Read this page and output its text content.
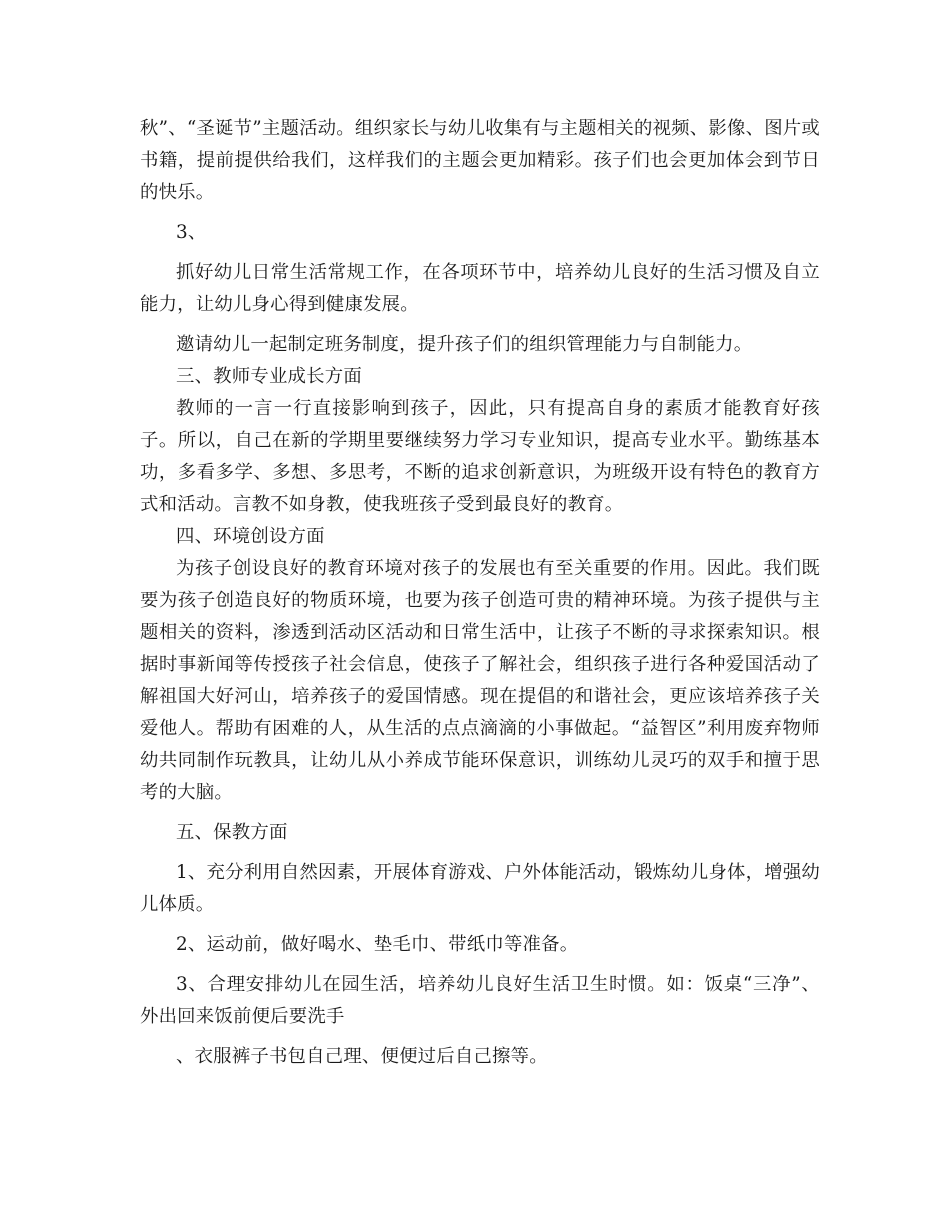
秋”、“圣诞节”主题活动。组织家长与幼儿收集有与主题相关的视频、影像、图片或书籍，提前提供给我们，这样我们的主题会更加精彩。孩子们也会更加体会到节日的快乐。

3、

抓好幼儿日常生活常规工作，在各项环节中，培养幼儿良好的生活习惯及自立能力，让幼儿身心得到健康发展。

邀请幼儿一起制定班务制度，提升孩子们的组织管理能力与自制能力。

三、教师专业成长方面

教师的一言一行直接影响到孩子，因此，只有提高自身的素质才能教育好孩子。所以，自己在新的学期里要继续努力学习专业知识，提高专业水平。勤练基本功，多看多学、多想、多思考，不断的追求创新意识，为班级开设有特色的教育方式和活动。言教不如身教，使我班孩子受到最良好的教育。

四、环境创设方面

为孩子创设良好的教育环境对孩子的发展也有至关重要的作用。因此。我们既要为孩子创造良好的物质环境，也要为孩子创造可贵的精神环境。为孩子提供与主题相关的资料，渗透到活动区活动和日常生活中，让孩子不断的寻求探索知识。根据时事新闻等传授孩子社会信息，使孩子了解社会，组织孩子进行各种爱国活动了解祖国大好河山，培养孩子的爱国情感。现在提倡的和谐社会，更应该培养孩子关爱他人。帮助有困难的人，从生活的点点滴滴的小事做起。“益智区”利用废弃物师幼共同制作玩教具，让幼儿从小养成节能环保意识，训练幼儿灵巧的双手和擅于思考的大脑。

五、保教方面

1、充分利用自然因素，开展体育游戏、户外体能活动，锻炼幼儿身体，增强幼儿体质。

2、运动前，做好喝水、垫毛巾、带纸巾等准备。

3、合理安排幼儿在园生活，培养幼儿良好生活卫生时惯。如：饭桌“三净”、外出回来饭前便后要洗手

、衣服裤子书包自己理、便便过后自己擦等。
